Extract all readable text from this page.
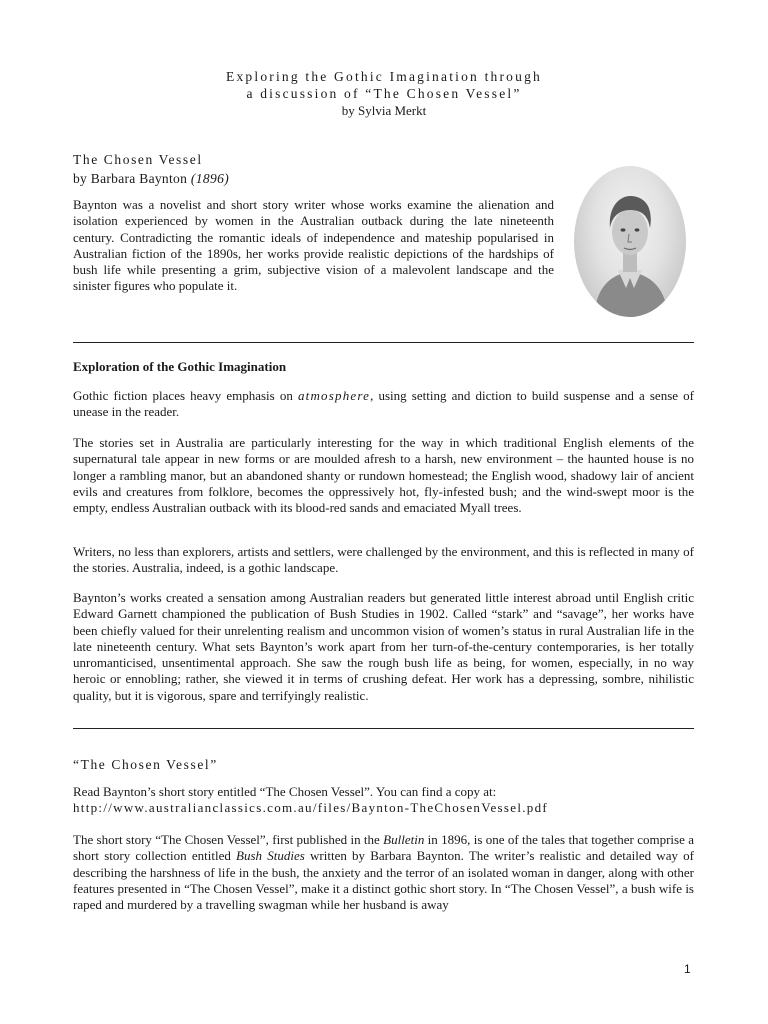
Exploring the Gothic Imagination through
a discussion of “The Chosen Vessel”
by Sylvia Merkt
The Chosen Vessel
by Barbara Baynton (1896)

Baynton was a novelist and short story writer whose works examine the alienation and isolation experienced by women in the Australian outback during the late nineteenth century. Contradicting the romantic ideals of independence and mateship popularised in Australian fiction of the 1890s, her works provide realistic depictions of the hardships of bush life while presenting a grim, subjective vision of a malevolent landscape and the sinister figures who populate it.

Exploration of the Gothic Imagination

Gothic fiction places heavy emphasis on atmosphere, using setting and diction to build suspense and a sense of unease in the reader.

The stories set in Australia are particularly interesting for the way in which traditional English elements of the supernatural tale appear in new forms or are moulded afresh to a harsh, new environment – the haunted house is no longer a rambling manor, but an abandoned shanty or rundown homestead; the English wood, shadowy lair of ancient evils and creatures from folklore, becomes the oppressively hot, fly-infested bush; and the wind-swept moor is the empty, endless Australian outback with its blood-red sands and emaciated Myall trees.

Writers, no less than explorers, artists and settlers, were challenged by the environment, and this is reflected in many of the stories. Australia, indeed, is a gothic landscape.

Baynton’s works created a sensation among Australian readers but generated little interest abroad until English critic Edward Garnett championed the publication of Bush Studies in 1902. Called “stark” and “savage”, her works have been chiefly valued for their unrelenting realism and uncommon vision of women’s status in rural Australian life in the late nineteenth century. What sets Baynton’s work apart from her turn-of-the-century contemporaries, is her totally unromanticised, unsentimental approach. She saw the rough bush life as being, for women, especially, in no way heroic or ennobling; rather, she viewed it in terms of crushing defeat. Her work has a depressing, sombre, nihilistic quality, but it is vigorous, spare and terrifyingly realistic.

“The Chosen Vessel”

Read Baynton’s short story entitled “The Chosen Vessel”. You can find a copy at:

http://www.australianclassics.com.au/files/Baynton-TheChosenVessel.pdf

The short story “The Chosen Vessel”, first published in the Bulletin in 1896, is one of the tales that together comprise a short story collection entitled Bush Studies written by Barbara Baynton. The writer’s realistic and detailed way of describing the harshness of life in the bush, the anxiety and the terror of an isolated woman in danger, along with other features presented in “The Chosen Vessel”, make it a distinct gothic short story. In “The Chosen Vessel”, a bush wife is raped and murdered by a travelling swagman while her husband is away

1
